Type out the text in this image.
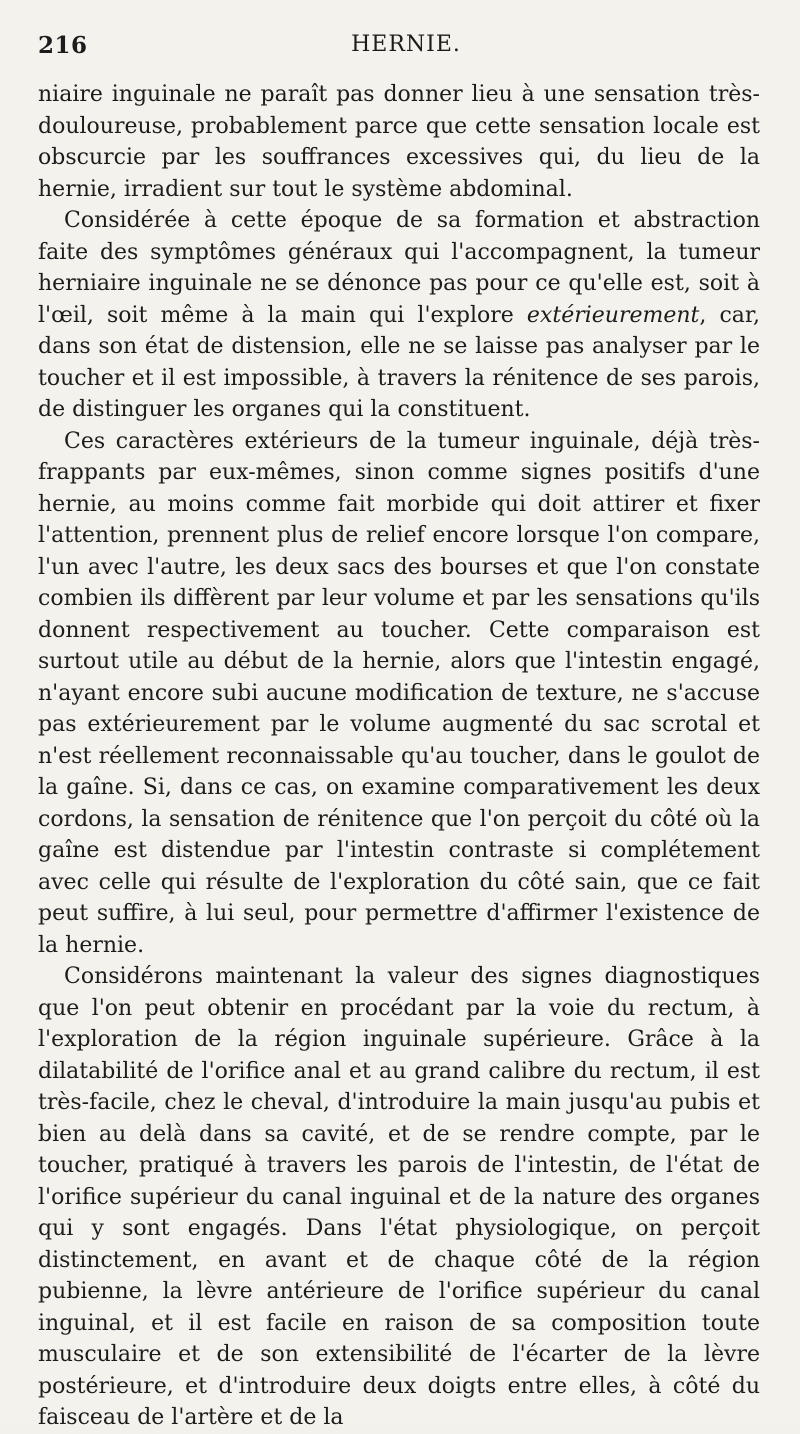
216	HERNIE.

niaire inguinale ne paraît pas donner lieu à une sensation très-douloureuse, probablement parce que cette sensation locale est obscurcie par les souffrances excessives qui, du lieu de la hernie, irradient sur tout le système abdominal.

Considérée à cette époque de sa formation et abstraction faite des symptômes généraux qui l'accompagnent, la tumeur herniaire inguinale ne se dénonce pas pour ce qu'elle est, soit à l'œil, soit même à la main qui l'explore extérieurement, car, dans son état de distension, elle ne se laisse pas analyser par le toucher et il est impossible, à travers la rénitence de ses parois, de distinguer les organes qui la constituent.

Ces caractères extérieurs de la tumeur inguinale, déjà très-frappants par eux-mêmes, sinon comme signes positifs d'une hernie, au moins comme fait morbide qui doit attirer et fixer l'attention, prennent plus de relief encore lorsque l'on compare, l'un avec l'autre, les deux sacs des bourses et que l'on constate combien ils diffèrent par leur volume et par les sensations qu'ils donnent respectivement au toucher. Cette comparaison est surtout utile au début de la hernie, alors que l'intestin engagé, n'ayant encore subi aucune modification de texture, ne s'accuse pas extérieurement par le volume augmenté du sac scrotal et n'est réellement reconnaissable qu'au toucher, dans le goulot de la gaîne. Si, dans ce cas, on examine comparativement les deux cordons, la sensation de rénitence que l'on perçoit du côté où la gaîne est distendue par l'intestin contraste si complétement avec celle qui résulte de l'exploration du côté sain, que ce fait peut suffire, à lui seul, pour permettre d'affirmer l'existence de la hernie.

Considérons maintenant la valeur des signes diagnostiques que l'on peut obtenir en procédant par la voie du rectum, à l'exploration de la région inguinale supérieure. Grâce à la dilatabilité de l'orifice anal et au grand calibre du rectum, il est très-facile, chez le cheval, d'introduire la main jusqu'au pubis et bien au delà dans sa cavité, et de se rendre compte, par le toucher, pratiqué à travers les parois de l'intestin, de l'état de l'orifice supérieur du canal inguinal et de la nature des organes qui y sont engagés. Dans l'état physiologique, on perçoit distinctement, en avant et de chaque côté de la région pubienne, la lèvre antérieure de l'orifice supérieur du canal inguinal, et il est facile en raison de sa composition toute musculaire et de son extensibilité de l'écarter de la lèvre postérieure, et d'introduire deux doigts entre elles, à côté du faisceau de l'artère et de la
